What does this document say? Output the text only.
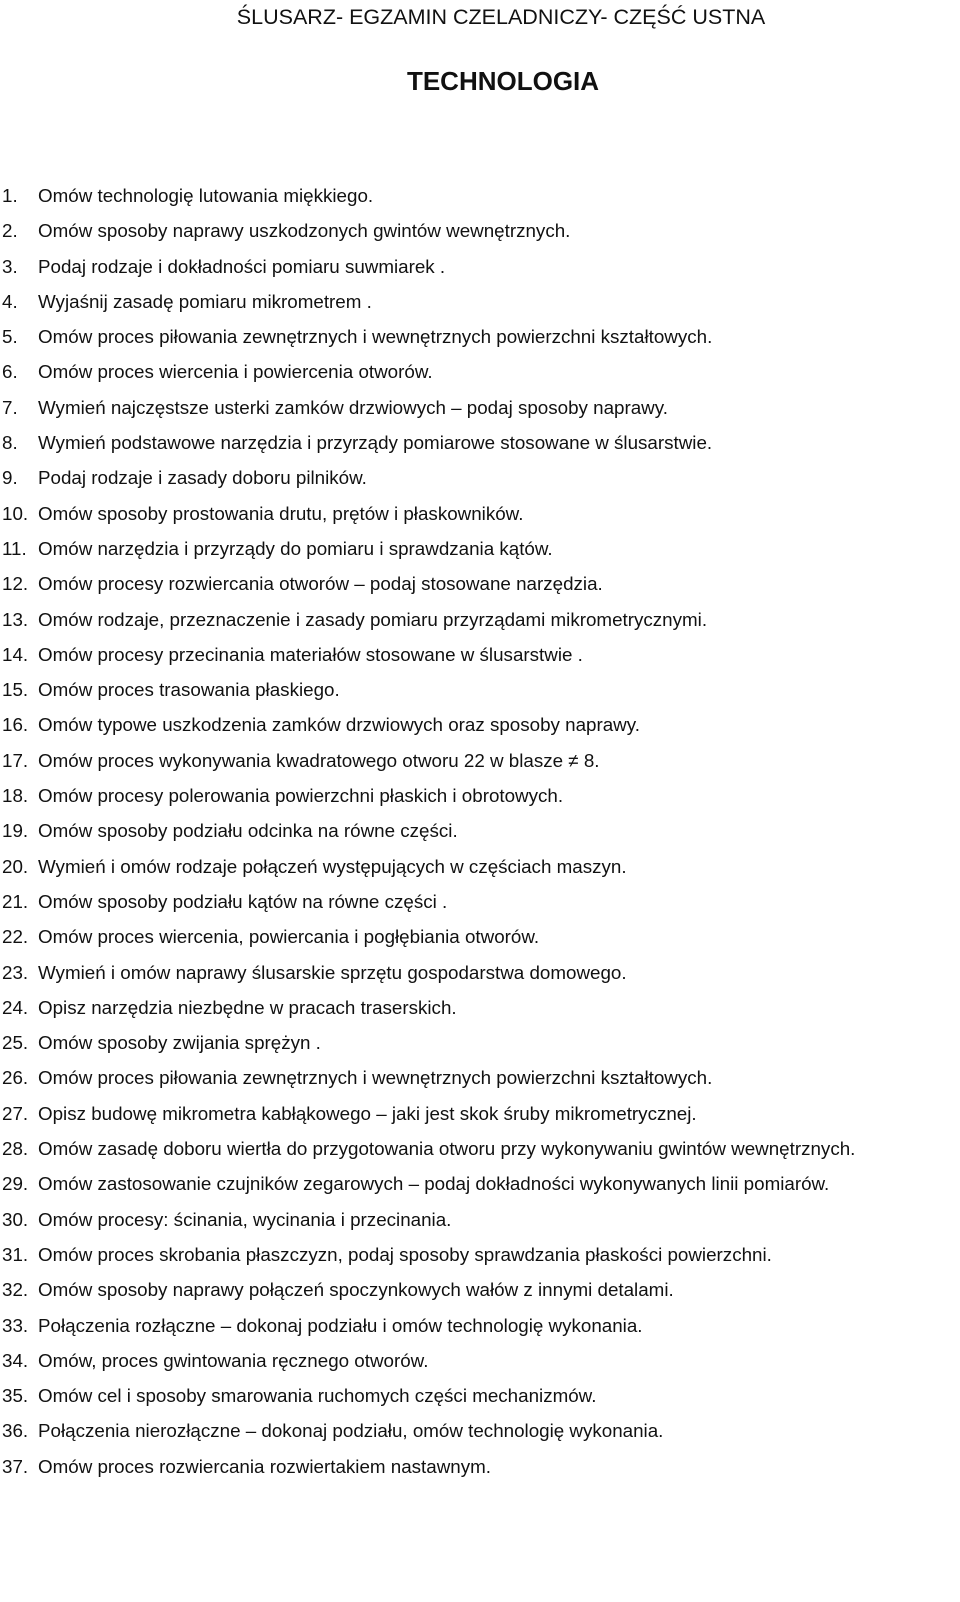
ŚLUSARZ- EGZAMIN CZELADNICZY- CZĘŚĆ USTNA
TECHNOLOGIA
1.	Omów technologię lutowania miękkiego.
2.	Omów sposoby naprawy uszkodzonych gwintów wewnętrznych.
3.	Podaj rodzaje i dokładności pomiaru suwmiarek .
4.	Wyjaśnij zasadę pomiaru mikrometrem .
5.	Omów proces piłowania zewnętrznych i wewnętrznych powierzchni kształtowych.
6.	Omów proces wiercenia i powiercenia otworów.
7.	Wymień najczęstsze usterki zamków drzwiowych – podaj sposoby naprawy.
8.	Wymień podstawowe narzędzia i przyrządy pomiarowe stosowane w ślusarstwie.
9.	Podaj rodzaje i zasady doboru pilników.
10. Omów sposoby prostowania drutu, prętów i płaskowników.
11. Omów narzędzia i przyrządy do pomiaru i sprawdzania kątów.
12. Omów procesy rozwiercania otworów – podaj stosowane narzędzia.
13. Omów rodzaje, przeznaczenie i zasady pomiaru przyrządami mikrometrycznymi.
14. Omów procesy przecinania materiałów stosowane w ślusarstwie .
15. Omów proces trasowania płaskiego.
16. Omów typowe uszkodzenia zamków drzwiowych oraz sposoby naprawy.
17. Omów proces wykonywania kwadratowego otworu 22 w blasze ≠ 8.
18. Omów procesy polerowania powierzchni płaskich i obrotowych.
19. Omów sposoby podziału odcinka na równe części.
20. Wymień i omów rodzaje połączeń występujących w częściach maszyn.
21. Omów sposoby podziału kątów na równe części .
22. Omów proces wiercenia, powiercania i pogłębiania otworów.
23. Wymień i omów naprawy ślusarskie sprzętu gospodarstwa domowego.
24. Opisz narzędzia niezbędne w pracach traserskich.
25. Omów sposoby zwijania sprężyn .
26. Omów proces piłowania zewnętrznych i wewnętrznych powierzchni kształtowych.
27. Opisz budowę mikrometra kabłąkowego – jaki jest skok śruby mikrometrycznej.
28. Omów zasadę doboru wiertła do przygotowania otworu przy wykonywaniu gwintów wewnętrznych.
29. Omów zastosowanie czujników zegarowych – podaj dokładności wykonywanych linii pomiarów.
30. Omów procesy: ścinania, wycinania i przecinania.
31. Omów proces skrobania płaszczyzn, podaj sposoby sprawdzania płaskości powierzchni.
32. Omów sposoby naprawy połączeń spoczynkowych wałów z innymi detalami.
33. Połączenia rozłączne – dokonaj podziału i omów technologię wykonania.
34. Omów, proces gwintowania ręcznego otworów.
35. Omów cel i sposoby smarowania ruchomych części mechanizmów.
36. Połączenia nierozłączne – dokonaj podziału, omów technologię wykonania.
37. Omów proces rozwiercania rozwiertakiem nastawnym.
